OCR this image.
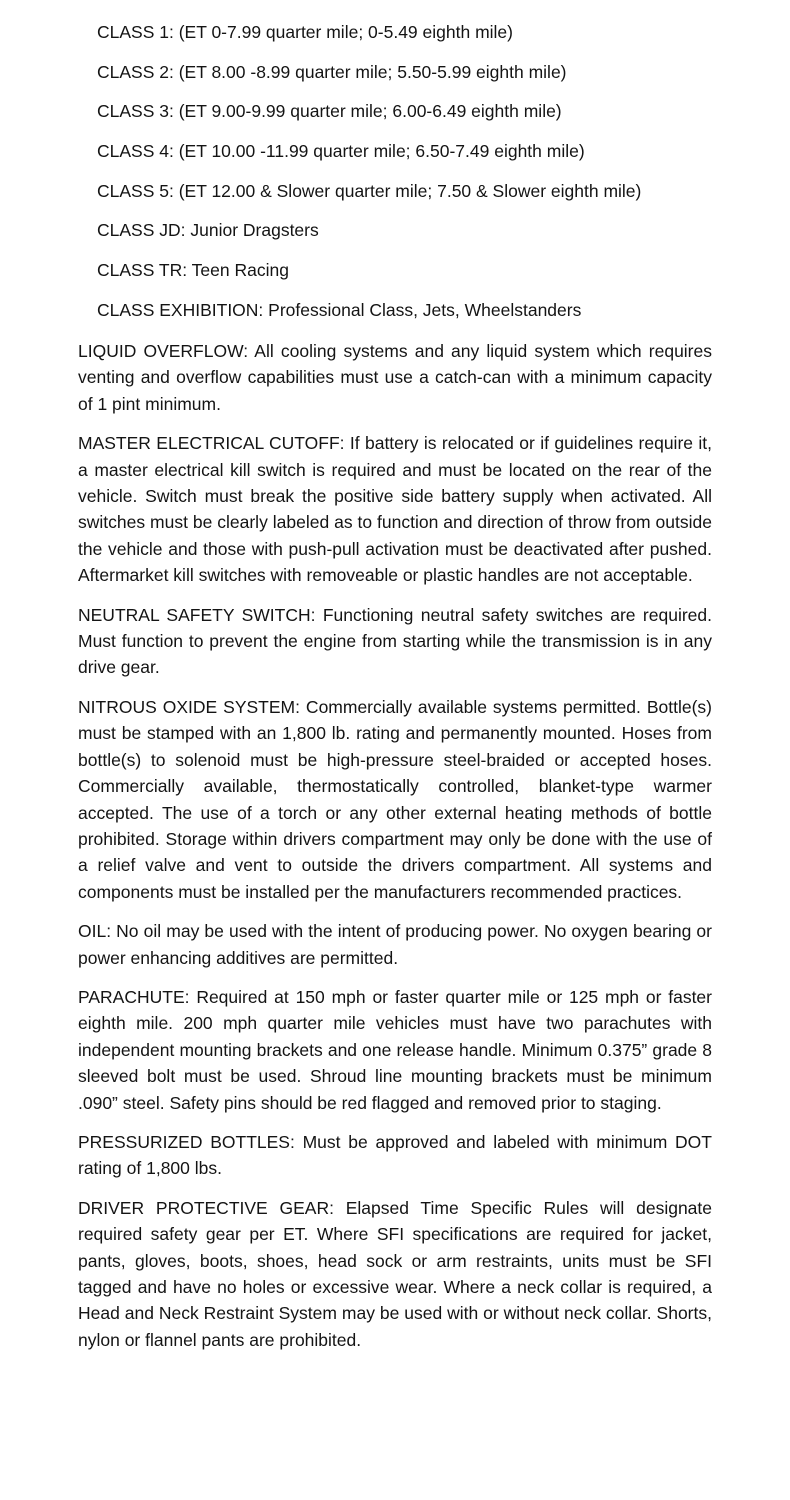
CLASS 1: (ET 0-7.99 quarter mile; 0-5.49 eighth mile)
CLASS 2: (ET 8.00 -8.99 quarter mile; 5.50-5.99 eighth mile)
CLASS 3: (ET 9.00-9.99 quarter mile; 6.00-6.49 eighth mile)
CLASS 4: (ET 10.00 -11.99 quarter mile; 6.50-7.49 eighth mile)
CLASS 5: (ET 12.00 & Slower quarter mile; 7.50 & Slower eighth mile)
CLASS JD: Junior Dragsters
CLASS TR: Teen Racing
CLASS EXHIBITION: Professional Class, Jets, Wheelstanders

LIQUID OVERFLOW: All cooling systems and any liquid system which requires venting and overflow capabilities must use a catch-can with a minimum capacity of 1 pint minimum.

MASTER ELECTRICAL CUTOFF: If battery is relocated or if guidelines require it, a master electrical kill switch is required and must be located on the rear of the vehicle. Switch must break the positive side battery supply when activated. All switches must be clearly labeled as to function and direction of throw from outside the vehicle and those with push-pull activation must be deactivated after pushed. Aftermarket kill switches with removeable or plastic handles are not acceptable.

NEUTRAL SAFETY SWITCH: Functioning neutral safety switches are required. Must function to prevent the engine from starting while the transmission is in any drive gear.

NITROUS OXIDE SYSTEM: Commercially available systems permitted. Bottle(s) must be stamped with an 1,800 lb. rating and permanently mounted. Hoses from bottle(s) to solenoid must be high-pressure steel-braided or accepted hoses. Commercially available, thermostatically controlled, blanket-type warmer accepted. The use of a torch or any other external heating methods of bottle prohibited. Storage within drivers compartment may only be done with the use of a relief valve and vent to outside the drivers compartment. All systems and components must be installed per the manufacturers recommended practices.

OIL: No oil may be used with the intent of producing power. No oxygen bearing or power enhancing additives are permitted.

PARACHUTE: Required at 150 mph or faster quarter mile or 125 mph or faster eighth mile. 200 mph quarter mile vehicles must have two parachutes with independent mounting brackets and one release handle. Minimum 0.375” grade 8 sleeved bolt must be used. Shroud line mounting brackets must be minimum .090” steel. Safety pins should be red flagged and removed prior to staging.

PRESSURIZED BOTTLES: Must be approved and labeled with minimum DOT rating of 1,800 lbs.

DRIVER PROTECTIVE GEAR: Elapsed Time Specific Rules will designate required safety gear per ET. Where SFI specifications are required for jacket, pants, gloves, boots, shoes, head sock or arm restraints, units must be SFI tagged and have no holes or excessive wear. Where a neck collar is required, a Head and Neck Restraint System may be used with or without neck collar. Shorts, nylon or flannel pants are prohibited.
